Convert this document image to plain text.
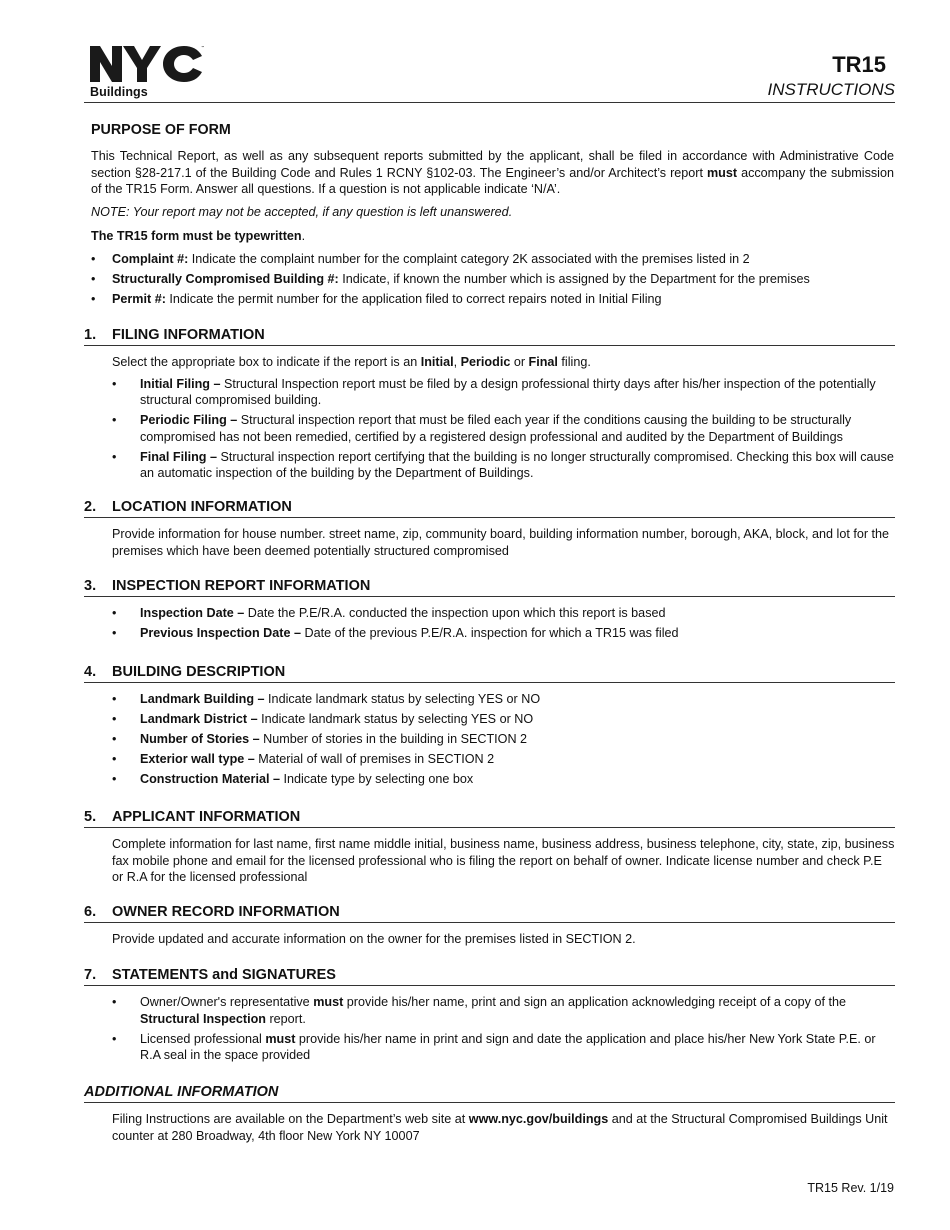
™
Buildings
TR15
INSTRUCTIONS
PURPOSE OF FORM

This Technical Report, as well as any subsequent reports submitted by the applicant, shall be filed in accordance with Administrative Code section §28-217.1 of the Building Code and Rules 1 RCNY §102-03. The Engineer’s and/or Architect’s report must accompany the submission of the TR15 Form. Answer all questions. If a question is not applicable indicate ‘N/A’.

NOTE: Your report may not be accepted, if any question is left unanswered.

The TR15 form must be typewritten.

• Complaint #: Indicate the complaint number for the complaint category 2K associated with the premises listed in 2
• Structurally Compromised Building #: Indicate, if known the number which is assigned by the Department for the premises
• Permit #: Indicate the permit number for the application filed to correct repairs noted in Initial Filing
1.	FILING INFORMATION

Select the appropriate box to indicate if the report is an Initial, Periodic or Final filing.

• Initial Filing – Structural Inspection report must be filed by a design professional thirty days after his/her inspection of the potentially structural compromised building.
• Periodic Filing – Structural inspection report that must be filed each year if the conditions causing the building to be structurally compromised has not been remedied, certified by a registered design professional and audited by the Department of Buildings
• Final Filing – Structural inspection report certifying that the building is no longer structurally compromised. Checking this box will cause an automatic inspection of the building by the Department of Buildings.
2.	LOCATION INFORMATION

Provide information for house number. street name, zip, community board, building information number, borough, AKA, block, and lot for the premises which have been deemed potentially structured compromised

3.	INSPECTION REPORT INFORMATION
• Inspection Date – Date the P.E/R.A. conducted the inspection upon which this report is based
• Previous Inspection Date – Date of the previous P.E/R.A. inspection for which a TR15 was filed
4.	BUILDING DESCRIPTION
• Landmark Building – Indicate landmark status by selecting YES or NO
• Landmark District – Indicate landmark status by selecting YES or NO
• Number of Stories – Number of stories in the building in SECTION 2
• Exterior wall type – Material of wall of premises in SECTION 2
• Construction Material – Indicate type by selecting one box
5.	APPLICANT INFORMATION

Complete information for last name, first name middle initial, business name, business address, business telephone, city, state, zip, business fax mobile phone and email for the licensed professional who is filing the report on behalf of owner. Indicate license number and check P.E or R.A for the licensed professional

6.	OWNER RECORD INFORMATION

Provide updated and accurate information on the owner for the premises listed in SECTION 2.

7.	STATEMENTS and SIGNATURES
• Owner/Owner's representative must provide his/her name, print and sign an application acknowledging receipt of a copy of the Structural Inspection report.
• Licensed professional must provide his/her name in print and sign and date the application and place his/her New York State P.E. or R.A seal in the space provided
ADDITIONAL INFORMATION

Filing Instructions are available on the Department’s web site at www.nyc.gov/buildings and at the Structural Compromised Buildings Unit counter at 280 Broadway, 4th floor New York NY 10007

TR15 Rev. 1/19
